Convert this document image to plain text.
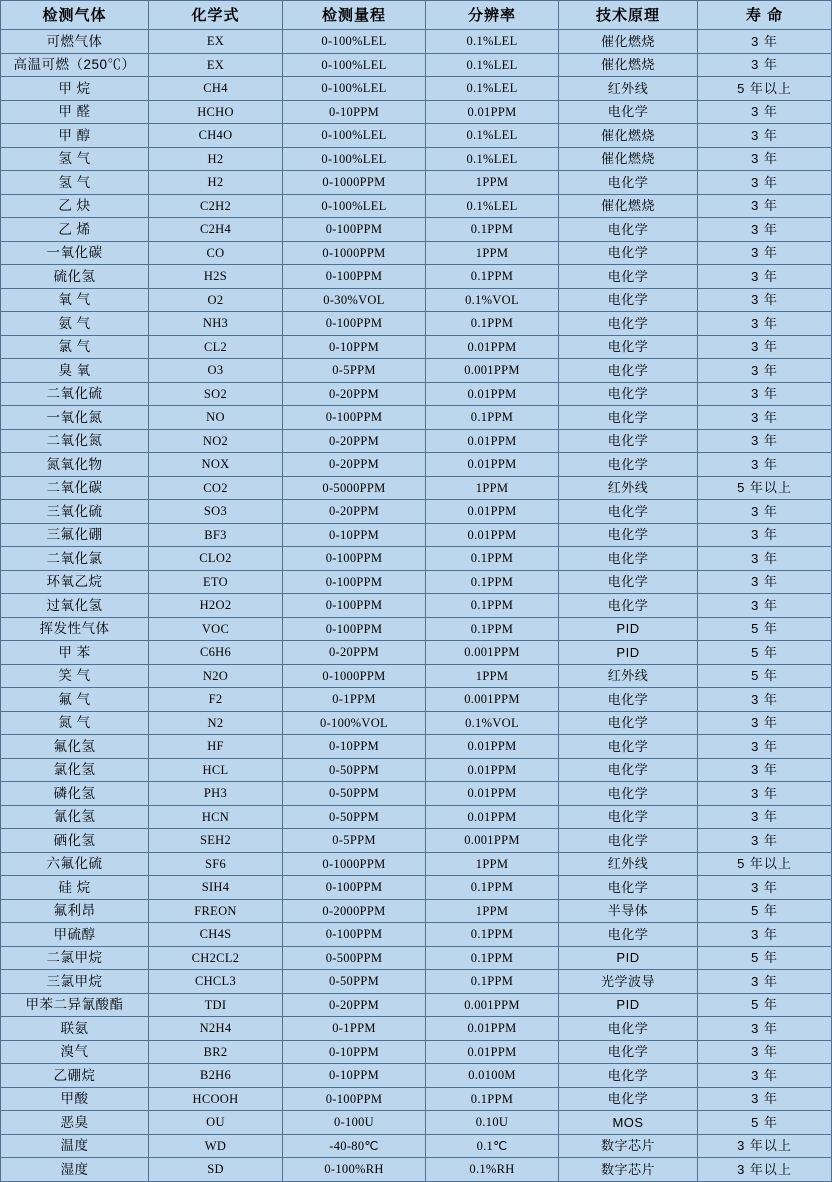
检测气体	化学式	检测量程	分辨率	技术原理	寿 命
可燃气体	EX	0-100%LEL	0.1%LEL	催化燃烧	3 年
高温可燃（250℃）	EX	0-100%LEL	0.1%LEL	催化燃烧	3 年
甲 烷	CH4	0-100%LEL	0.1%LEL	红外线	5 年以上
甲 醛	HCHO	0-10PPM	0.01PPM	电化学	3 年
甲 醇	CH4O	0-100%LEL	0.1%LEL	催化燃烧	3 年
氢 气	H2	0-100%LEL	0.1%LEL	催化燃烧	3 年
氢 气	H2	0-1000PPM	1PPM	电化学	3 年
乙 炔	C2H2	0-100%LEL	0.1%LEL	催化燃烧	3 年
乙 烯	C2H4	0-100PPM	0.1PPM	电化学	3 年
一氧化碳	CO	0-1000PPM	1PPM	电化学	3 年
硫化氢	H2S	0-100PPM	0.1PPM	电化学	3 年
氧 气	O2	0-30%VOL	0.1%VOL	电化学	3 年
氨 气	NH3	0-100PPM	0.1PPM	电化学	3 年
氯 气	CL2	0-10PPM	0.01PPM	电化学	3 年
臭 氧	O3	0-5PPM	0.001PPM	电化学	3 年
二氧化硫	SO2	0-20PPM	0.01PPM	电化学	3 年
一氧化氮	NO	0-100PPM	0.1PPM	电化学	3 年
二氧化氮	NO2	0-20PPM	0.01PPM	电化学	3 年
氮氧化物	NOX	0-20PPM	0.01PPM	电化学	3 年
二氧化碳	CO2	0-5000PPM	1PPM	红外线	5 年以上
三氧化硫	SO3	0-20PPM	0.01PPM	电化学	3 年
三氟化硼	BF3	0-10PPM	0.01PPM	电化学	3 年
二氧化氯	CLO2	0-100PPM	0.1PPM	电化学	3 年
环氧乙烷	ETO	0-100PPM	0.1PPM	电化学	3 年
过氧化氢	H2O2	0-100PPM	0.1PPM	电化学	3 年
挥发性气体	VOC	0-100PPM	0.1PPM	PID	5 年
甲 苯	C6H6	0-20PPM	0.001PPM	PID	5 年
笑 气	N2O	0-1000PPM	1PPM	红外线	5 年
氟 气	F2	0-1PPM	0.001PPM	电化学	3 年
氮 气	N2	0-100%VOL	0.1%VOL	电化学	3 年
氟化氢	HF	0-10PPM	0.01PPM	电化学	3 年
氯化氢	HCL	0-50PPM	0.01PPM	电化学	3 年
磷化氢	PH3	0-50PPM	0.01PPM	电化学	3 年
氰化氢	HCN	0-50PPM	0.01PPM	电化学	3 年
硒化氢	SEH2	0-5PPM	0.001PPM	电化学	3 年
六氟化硫	SF6	0-1000PPM	1PPM	红外线	5 年以上
硅 烷	SIH4	0-100PPM	0.1PPM	电化学	3 年
氟利昂	FREON	0-2000PPM	1PPM	半导体	5 年
甲硫醇	CH4S	0-100PPM	0.1PPM	电化学	3 年
二氯甲烷	CH2CL2	0-500PPM	0.1PPM	PID	5 年
三氯甲烷	CHCL3	0-50PPM	0.1PPM	光学波导	3 年
甲苯二异氰酸酯	TDI	0-20PPM	0.001PPM	PID	5 年
联氨	N2H4	0-1PPM	0.01PPM	电化学	3 年
溴气	BR2	0-10PPM	0.01PPM	电化学	3 年
乙硼烷	B2H6	0-10PPM	0.0100M	电化学	3 年
甲酸	HCOOH	0-100PPM	0.1PPM	电化学	3 年
恶臭	OU	0-100U	0.10U	MOS	5 年
温度	WD	-40-80℃	0.1℃	数字芯片	3 年以上
湿度	SD	0-100%RH	0.1%RH	数字芯片	3 年以上
